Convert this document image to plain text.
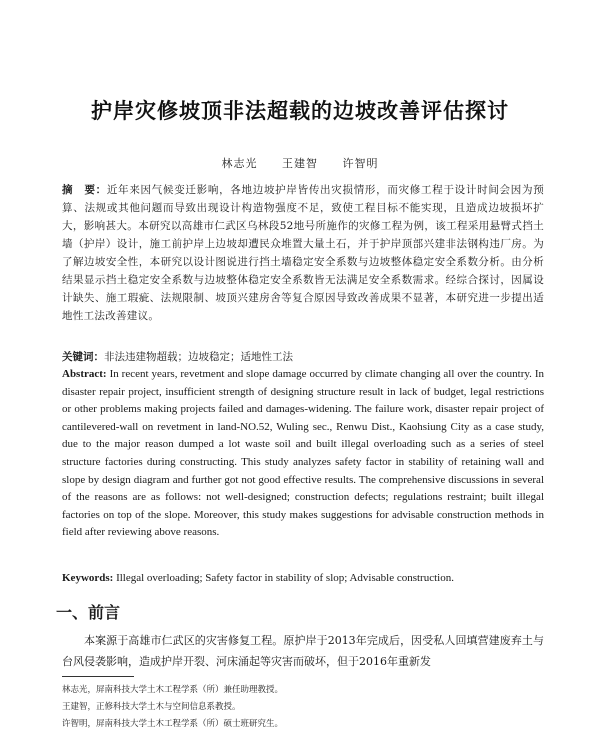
护岸灾修坡顶非法超载的边坡改善评估探讨
林志光 王建智 许智明
摘　要：近年来因气候变迁影响，各地边坡护岸皆传出灾损情形，而灾修工程于设计时间会因为预算、法规或其他问题而导致出现设计构造物强度不足，致使工程目标不能实现，且造成边坡损坏扩大，影响甚大。本研究以高雄市仁武区乌林段52地号所施作的灾修工程为例，该工程采用悬臂式挡土墙（护岸）设计，施工前护岸上边坡却遭民众堆置大量土石，并于护岸顶部兴建非法钢构违厂房。为了解边坡安全性，本研究以设计图说进行挡土墙稳定安全系数与边坡整体稳定安全系数分析。由分析结果显示挡土稳定安全系数与边坡整体稳定安全系数皆无法满足安全系数需求。经综合探讨，因属设计缺失、施工瑕疵、法规限制、坡顶兴建房舍等复合原因导致改善成果不显著，本研究进一步提出适地性工法改善建议。
关键词：非法违建物超载；边坡稳定；适地性工法
Abstract: In recent years, revetment and slope damage occurred by climate changing all over the country. In disaster repair project, insufficient strength of designing structure result in lack of budget, legal restrictions or other problems making projects failed and damages-widening. The failure work, disaster repair project of cantilevered-wall on revetment in land-NO.52, Wuling sec., Renwu Dist., Kaohsiung City as a case study, due to the major reason dumped a lot waste soil and built illegal overloading such as a series of steel structure factories during constructing. This study analyzes safety factor in stability of retaining wall and slope by design diagram and further got not good effective results. The comprehensive discussions in several of the reasons are as follows: not well-designed; construction defects; regulations restraint; built illegal factories on top of the slope. Moreover, this study makes suggestions for advisable construction methods in field after reviewing above reasons.
Keywords: Illegal overloading; Safety factor in stability of slop; Advisable construction.
一、前言
本案源于高雄市仁武区的灾害修复工程。原护岸于2013年完成后，因受私人回填营建废弃土与台风侵袭影响，造成护岸开裂、河床涌起等灾害而破坏，但于2016年重新发
林志光，屏南科技大学土木工程学系（所）兼任助理教授。
王建智，正修科技大学土木与空间信息系教授。
许智明，屏南科技大学土木工程学系（所）硕士班研究生。
